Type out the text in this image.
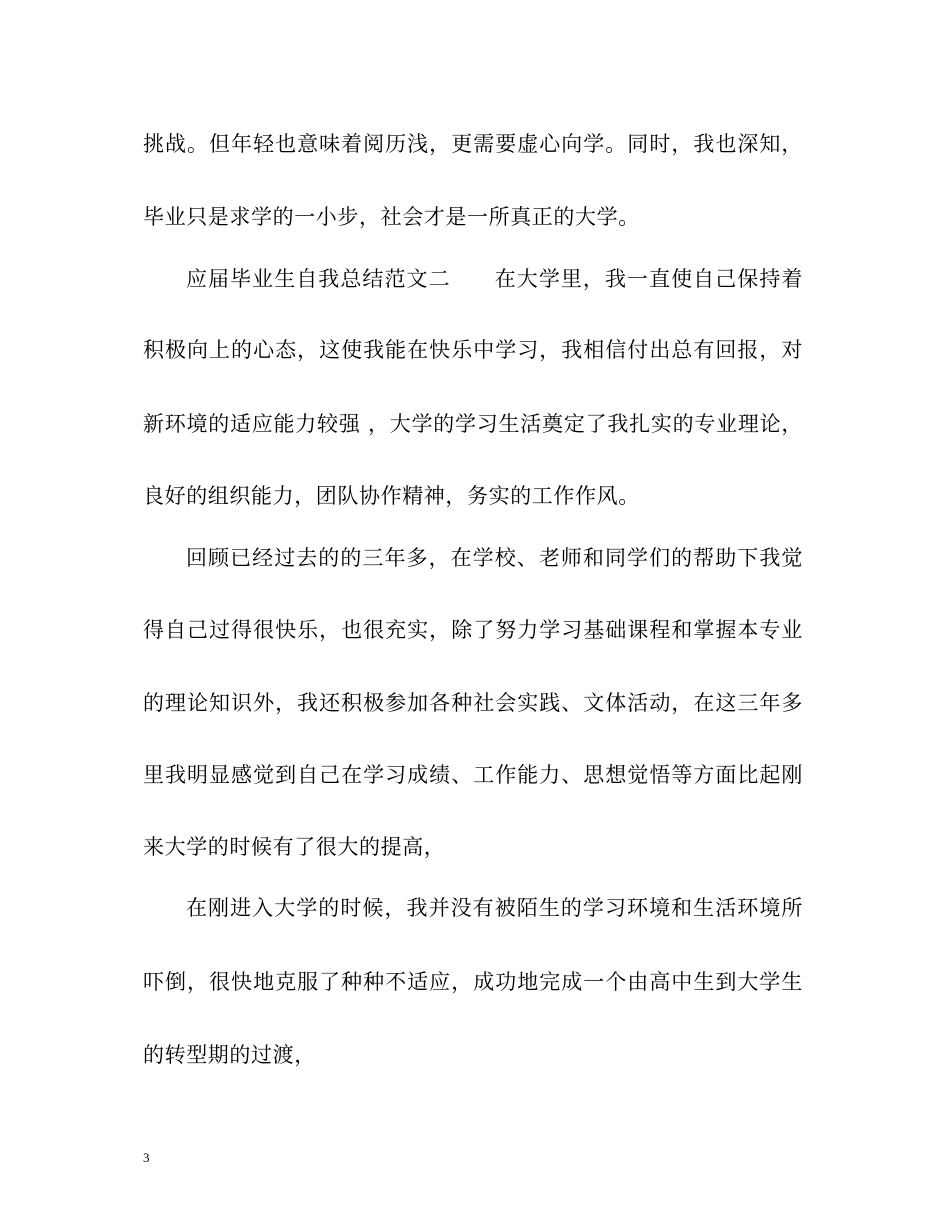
挑战。但年轻也意味着阅历浅，更需要虚心向学。同时，我也深知，
毕业只是求学的一小步，社会才是一所真正的大学。
应届毕业生自我总结范文二　　在大学里，我一直使自己保持着
积极向上的心态，这使我能在快乐中学习，我相信付出总有回报，对
新环境的适应能力较强 ，大学的学习生活奠定了我扎实的专业理论，
良好的组织能力，团队协作精神，务实的工作作风。
回顾已经过去的的三年多，在学校、老师和同学们的帮助下我觉
得自己过得很快乐，也很充实，除了努力学习基础课程和掌握本专业
的理论知识外，我还积极参加各种社会实践、文体活动，在这三年多
里我明显感觉到自己在学习成绩、工作能力、思想觉悟等方面比起刚
来大学的时候有了很大的提高，
在刚进入大学的时候，我并没有被陌生的学习环境和生活环境所
吓倒，很快地克服了种种不适应，成功地完成一个由高中生到大学生
的转型期的过渡，
3
